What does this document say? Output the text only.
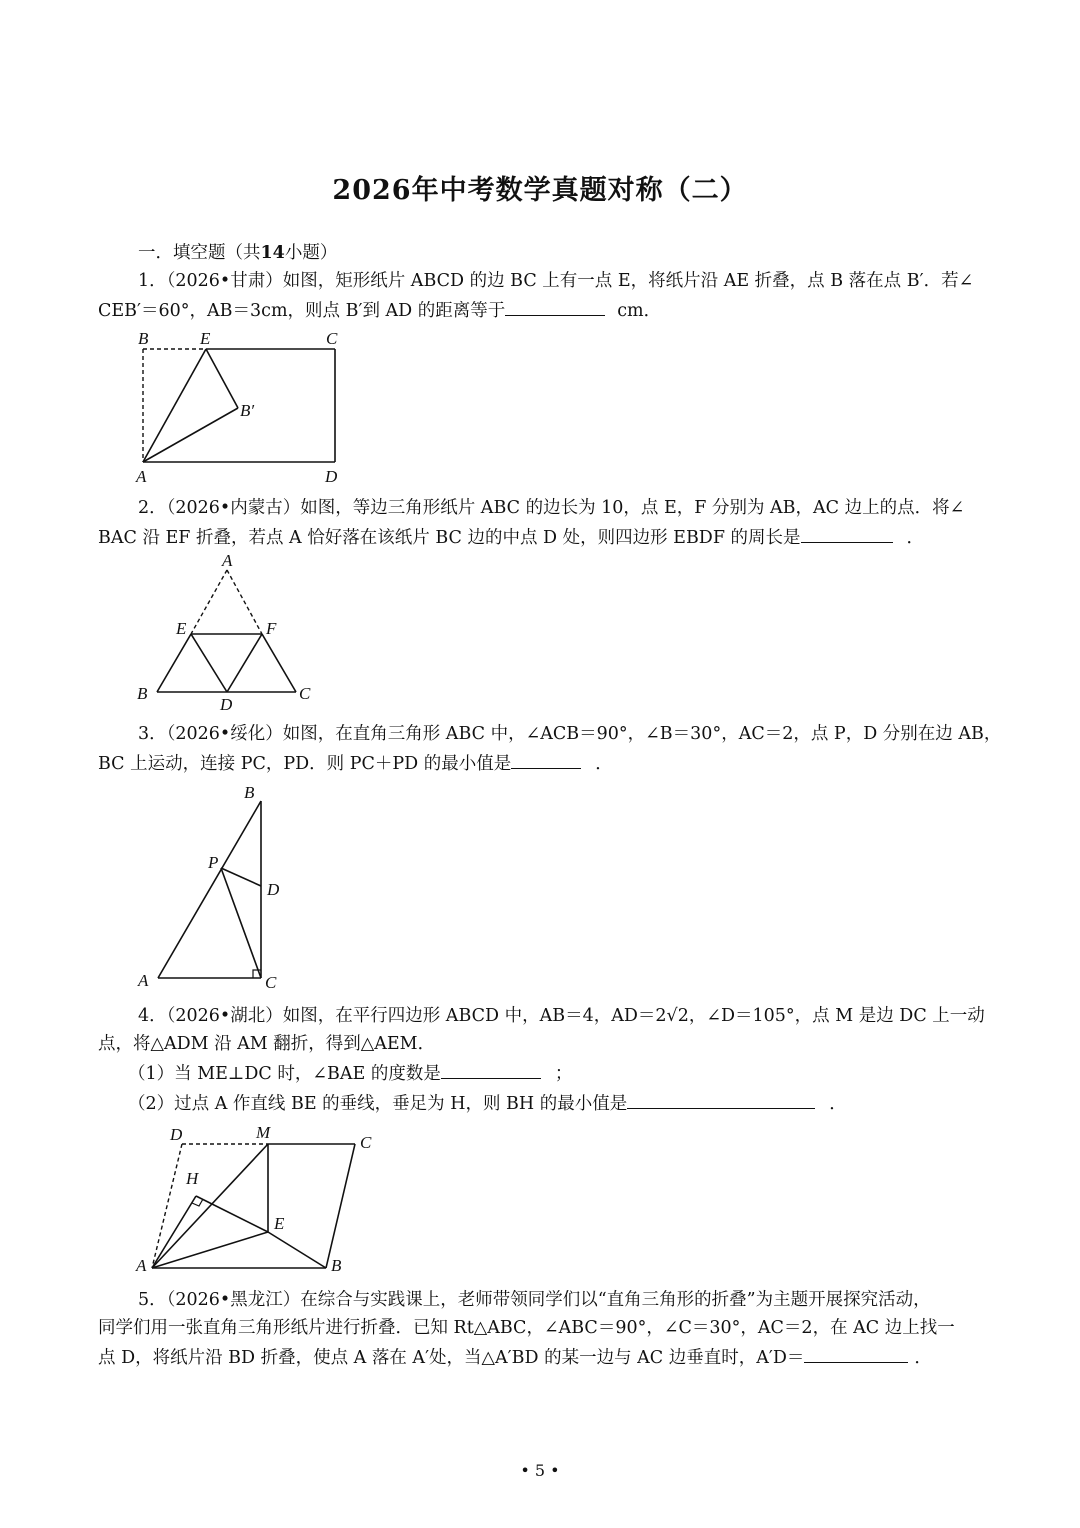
2026年中考数学真题对称（二）
一．填空题（共14小题）
1．（2026•甘肃）如图，矩形纸片 ABCD 的边 BC 上有一点 E，将纸片沿 AE 折叠，点 B 落在点 B′．若∠
CEB′＝60°，AB＝3cm，则点 B′到 AD 的距离等于	cm．
B	E	C
B′
A	D
2．（2026•内蒙古）如图，等边三角形纸片 ABC 的边长为 10，点 E，F 分别为 AB，AC 边上的点．将∠
BAC 沿 EF 折叠，若点 A 恰好落在该纸片 BC 边的中点 D 处，则四边形 EBDF 的周长是	．
A
E	F
B
D
C
3．（2026•绥化）如图，在直角三角形 ABC 中，∠ACB＝90°，∠B＝30°，AC＝2，点 P，D 分别在边 AB，
BC 上运动，连接 PC，PD．则 PC＋PD 的最小值是	．
B
P
D
A	C
4．（2026•湖北）如图，在平行四边形 ABCD 中，AB＝4，AD＝2√2，∠D＝105°，点 M 是边 DC 上一动
点，将△ADM 沿 AM 翻折，得到△AEM．
（1）当 ME⊥DC 时，∠BAE 的度数是	；
（2）过点 A 作直线 BE 的垂线，垂足为 H，则 BH 的最小值是	．
D	M
C
H
E
A	B
5．（2026•黑龙江）在综合与实践课上，老师带领同学们以“直角三角形的折叠”为主题开展探究活动，
同学们用一张直角三角形纸片进行折叠．已知 Rt△ABC，∠ABC＝90°，∠C＝30°，AC＝2，在 AC 边上找一
点 D，将纸片沿 BD 折叠，使点 A 落在 A′处，当△A′BD 的某一边与 AC 边垂直时，A′D＝	．
• 5 •
